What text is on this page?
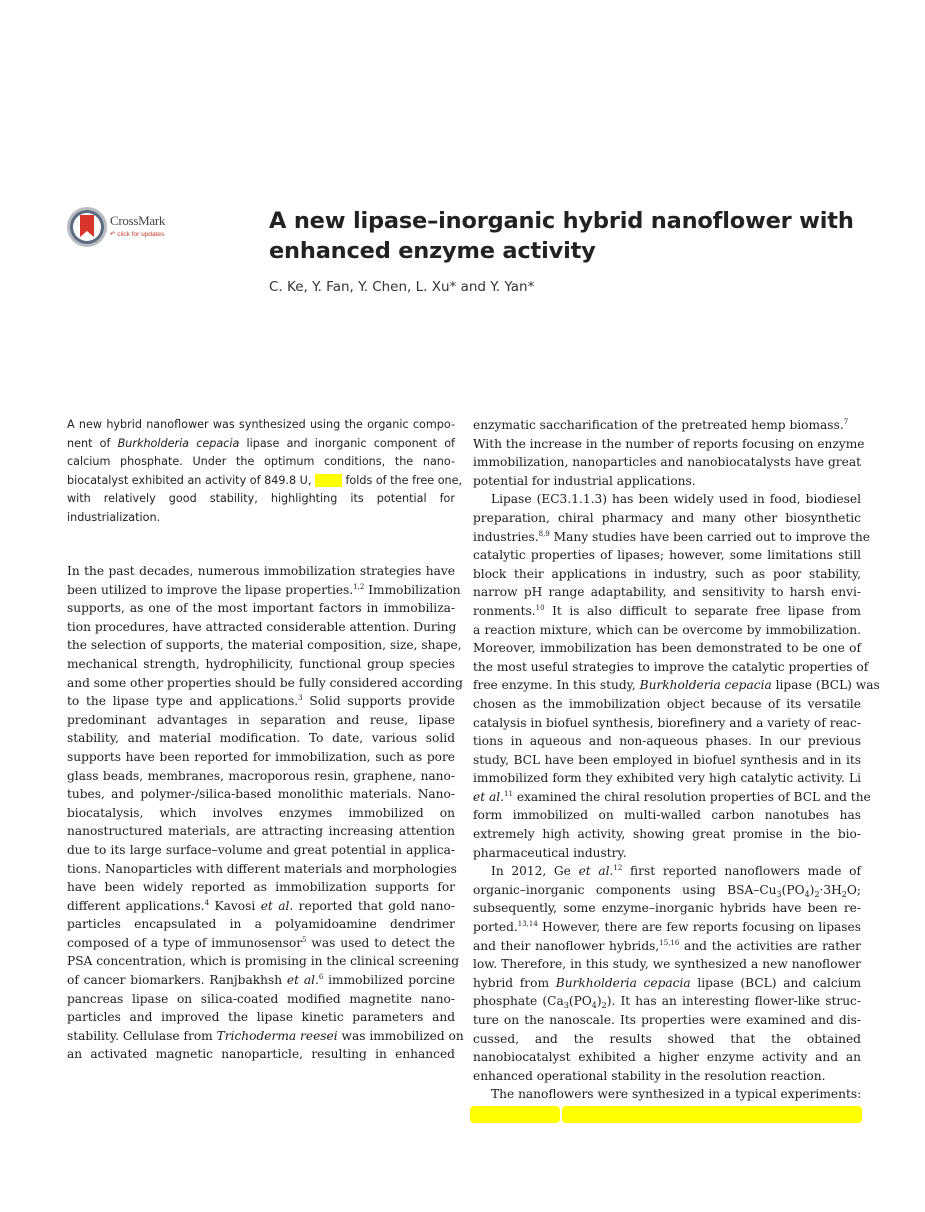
CrossMark
↶ click for updates
A new lipase–inorganic hybrid nanoflower with
enhanced enzyme activity
C. Ke, Y. Fan, Y. Chen, L. Xu* and Y. Yan*
A new hybrid nanoflower was synthesized using the organic compo-
nent of Burkholderia cepacia lipase and inorganic component of
calcium phosphate. Under the optimum conditions, the nano-
biocatalyst exhibited an activity of 849.8 U, 6.85 folds of the free one,
with relatively good stability, highlighting its potential for
industrialization.
In the past decades, numerous immobilization strategies have
been utilized to improve the lipase properties.$^{1,2}$ Immobilization
supports, as one of the most important factors in immobiliza-
tion procedures, have attracted considerable attention. During
the selection of supports, the material composition, size, shape,
mechanical strength, hydrophilicity, functional group species
and some other properties should be fully considered according
to the lipase type and applications.$^3$ Solid supports provide
predominant advantages in separation and reuse, lipase
stability, and material modification. To date, various solid
supports have been reported for immobilization, such as pore
glass beads, membranes, macroporous resin, graphene, nano-
tubes, and polymer-/silica-based monolithic materials. Nano-
biocatalysis, which involves enzymes immobilized on
nanostructured materials, are attracting increasing attention
due to its large surface–volume and great potential in applica-
tions. Nanoparticles with different materials and morphologies
have been widely reported as immobilization supports for
different applications.$^4$ Kavosi et al. reported that gold nano-
particles encapsulated in a polyamidoamine dendrimer
composed of a type of immunosensor$^5$ was used to detect the
PSA concentration, which is promising in the clinical screening
of cancer biomarkers. Ranjbakhsh et al.$^6$ immobilized porcine
pancreas lipase on silica-coated modified magnetite nano-
particles and improved the lipase kinetic parameters and
stability. Cellulase from Trichoderma reesei was immobilized on
an activated magnetic nanoparticle, resulting in enhanced
enzymatic saccharification of the pretreated hemp biomass.$^7$
With the increase in the number of reports focusing on enzyme
immobilization, nanoparticles and nanobiocatalysts have great
potential for industrial applications.
Lipase (EC3.1.1.3) has been widely used in food, biodiesel
preparation, chiral pharmacy and many other biosynthetic
industries.$^{8,9}$ Many studies have been carried out to improve the
catalytic properties of lipases; however, some limitations still
block their applications in industry, such as poor stability,
narrow pH range adaptability, and sensitivity to harsh envi-
ronments.$^{10}$ It is also difficult to separate free lipase from
a reaction mixture, which can be overcome by immobilization.
Moreover, immobilization has been demonstrated to be one of
the most useful strategies to improve the catalytic properties of
free enzyme. In this study, Burkholderia cepacia lipase (BCL) was
chosen as the immobilization object because of its versatile
catalysis in biofuel synthesis, biorefinery and a variety of reac-
tions in aqueous and non-aqueous phases. In our previous
study, BCL have been employed in biofuel synthesis and in its
immobilized form they exhibited very high catalytic activity. Li
et al.$^{11}$ examined the chiral resolution properties of BCL and the
form immobilized on multi-walled carbon nanotubes has
extremely high activity, showing great promise in the bio-
pharmaceutical industry.
In 2012, Ge et al.$^{12}$ first reported nanoflowers made of
organic–inorganic components using BSA–$Cu_3(PO_4)_2\cdot 3H_2O$;
subsequently, some enzyme–inorganic hybrids have been re-
ported.$^{13,14}$ However, there are few reports focusing on lipases
and their nanoflower hybrids,$^{15,16}$ and the activities are rather
low. Therefore, in this study, we synthesized a new nanoflower
hybrid from Burkholderia cepacia lipase (BCL) and calcium
phosphate $(Ca_3(PO_4)_2)$. It has an interesting flower-like struc-
ture on the nanoscale. Its properties were examined and dis-
cussed, and the results showed that the obtained
nanobiocatalyst exhibited a higher enzyme activity and an
enhanced operational stability in the resolution reaction.
The nanoflowers were synthesized in a typical experiments:
